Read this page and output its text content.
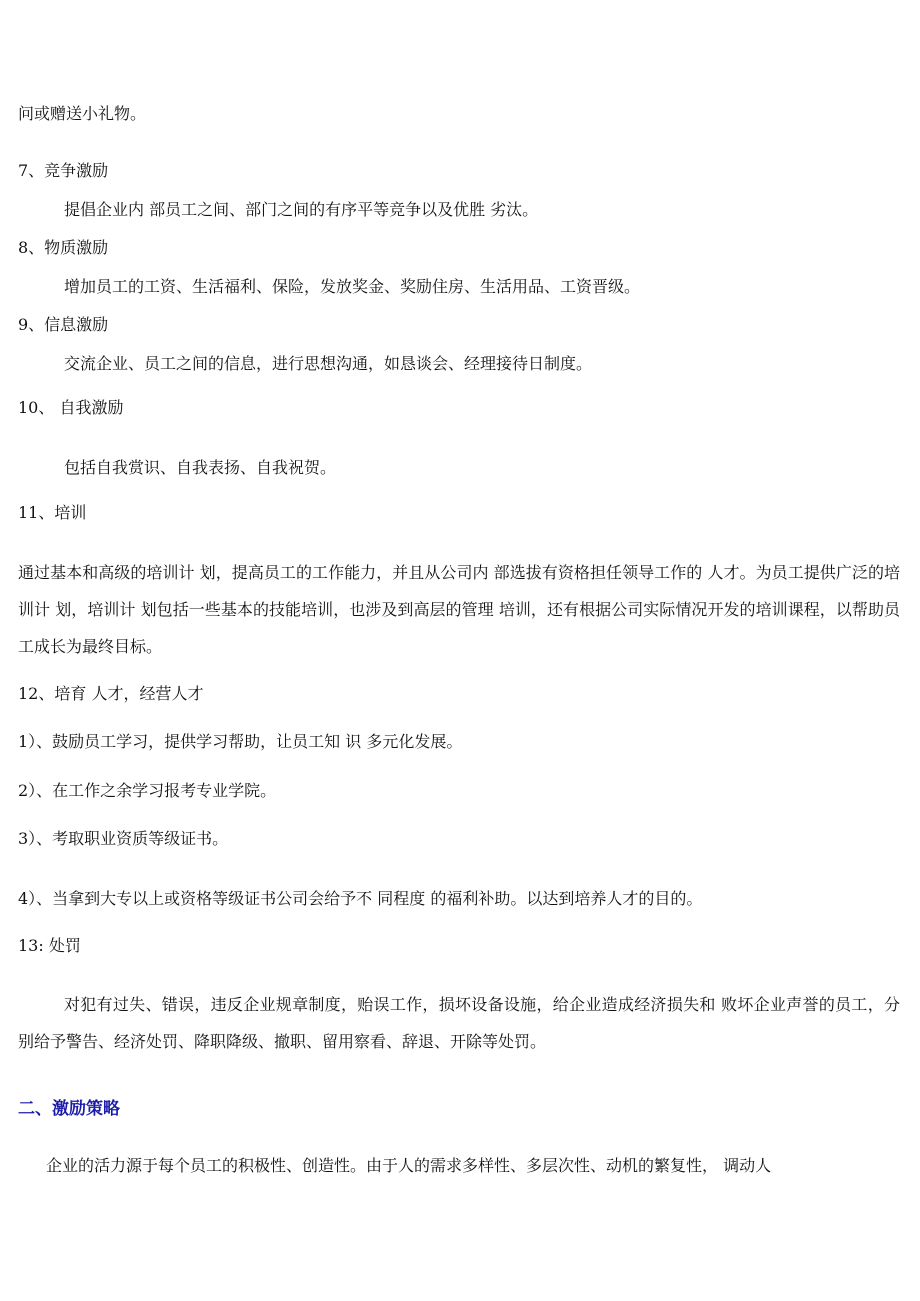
问或赠送小礼物。

7、竞争激励

提倡企业内 部员工之间、部门之间的有序平等竞争以及优胜 劣汰。

8、物质激励

增加员工的工资、生活福利、保险，发放奖金、奖励住房、生活用品、工资晋级。

9、信息激励

交流企业、员工之间的信息，进行思想沟通，如恳谈会、经理接待日制度。

10、 自我激励

包括自我赏识、自我表扬、自我祝贺。

11、培训

通过基本和高级的培训计 划，提高员工的工作能力，并且从公司内 部选拔有资格担任领导工作的 人才。为员工提供广泛的培训计 划，培训计 划包括一些基本的技能培训，也涉及到高层的管理 培训，还有根据公司实际情况开发的培训课程，以帮助员工成长为最终目标。

12、培育 人才，经营人才

1）、鼓励员工学习，提供学习帮助，让员工知 识 多元化发展。

2）、在工作之余学习报考专业学院。

3）、考取职业资质等级证书。

4）、当拿到大专以上或资格等级证书公司会给予不 同程度 的福利补助。以达到培养人才的目的。

13: 处罚

对犯有过失、错误，违反企业规章制度，贻误工作，损坏设备设施，给企业造成经济损失和 败坏企业声誉的员工，分别给予警告、经济处罚、降职降级、撤职、留用察看、辞退、开除等处罚。

二、激励策略

企业的活力源于每个员工的积极性、创造性。由于人的需求多样性、多层次性、动机的繁复性， 调动人
